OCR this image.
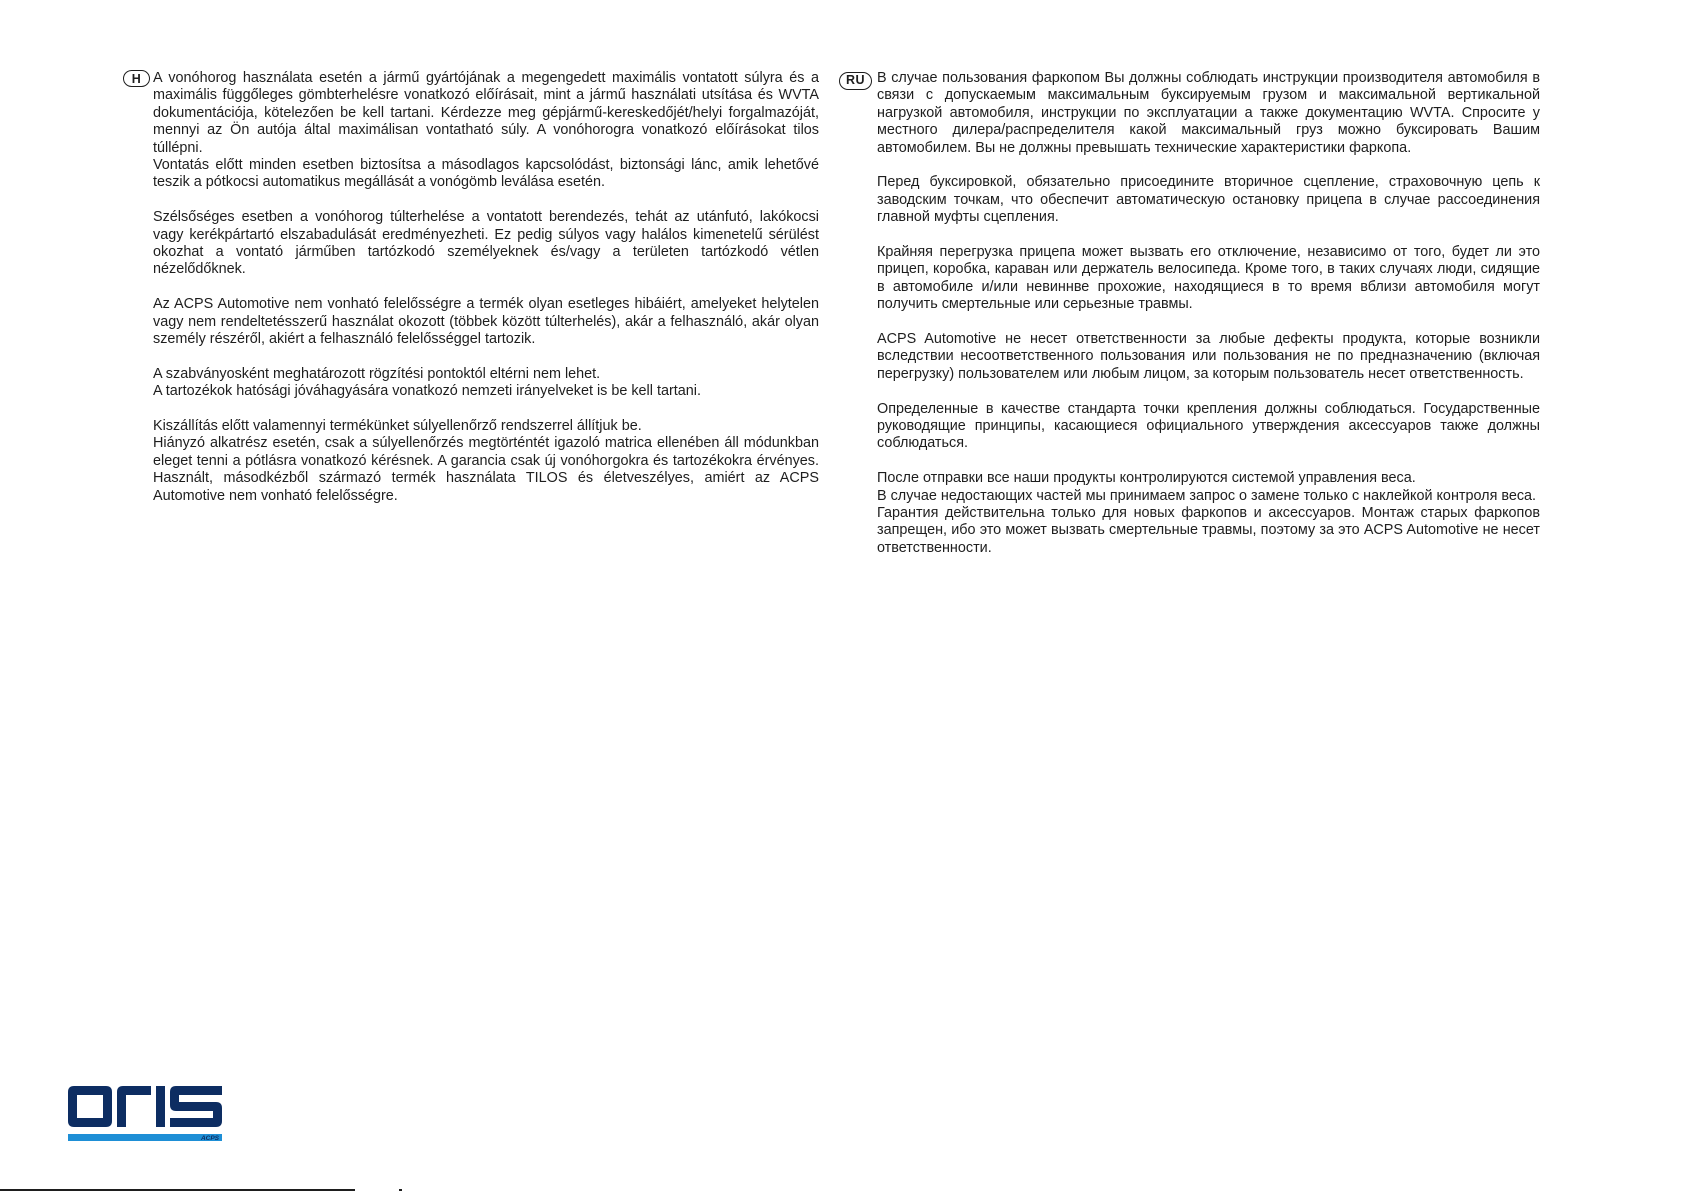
H A vonóhorog használata esetén a jármű gyártójának a megengedett maximális vontatott súlyra és a maximális függőleges gömbterhelésre vonatkozó előírásait, mint a jármű használati utsítása és WVTA dokumentációja, kötelezően be kell tartani. Kérdezze meg gépjármű-kereskedőjét/helyi forgalmazóját, mennyi az Ön autója által maximálisan vontatható súly. A vonóhorogra vonatkozó előírásokat tilos túllépni.
Vontatás előtt minden esetben biztosítsa a másodlagos kapcsolódást, biztonsági lánc, amik lehetővé teszik a pótkocsi automatikus megállását a vonógömb leválása esetén.

Szélsőséges esetben a vonóhorog túlterhelése a vontatott berendezés, tehát az utánfutó, lakókocsi vagy kerékpártartó elszabadulását eredményezheti. Ez pedig súlyos vagy halálos kimenetelű sérülést okozhat a vontató járműben tartózkodó személyeknek és/vagy a területen tartózkodó vétlen nézelődőknek.

Az ACPS Automotive nem vonható felelősségre a termék olyan esetleges hibáiért, amelyeket helytelen vagy nem rendeltetésszerű használat okozott (többek között túlterhelés), akár a felhasználó, akár olyan személy részéről, akiért a felhasználó felelősséggel tartozik.

A szabványosként meghatározott rögzítési pontoktól eltérni nem lehet.
A tartozékok hatósági jóváhagyására vonatkozó nemzeti irányelveket is be kell tartani.

Kiszállítás előtt valamennyi termékünket súlyellenőrző rendszerrel állítjuk be.
Hiányzó alkatrész esetén, csak a súlyellenőrzés megtörténtét igazoló matrica ellenében áll módunkban eleget tenni a pótlásra vonatkozó kérésnek. A garancia csak új vonóhorgokra és tartozékokra érvényes. Használt, másodkézből származó termék használata TILOS és életveszélyes, amiért az ACPS Automotive nem vonható felelősségre.

RU В случае пользования фаркопом Вы должны соблюдать инструкции производителя автомобиля в связи с допускаемым максимальным буксируемым грузом и максимальной вертикальной нагрузкой автомобиля, инструкции по эксплуатации а также документацию WVTA. Спросите у местного дилера/распределителя какой максимальный груз можно буксировать Вашим автомобилем. Вы не должны превышать технические характеристики фаркопа.

Перед буксировкой, обязательно присоедините вторичное сцепление, страховочную цепь к заводским точкам, что обеспечит автоматическую остановку прицепа в случае рассоединения главной муфты сцепления.

Крайняя перегрузка прицепа может вызвать его отключение, независимо от того, будет ли это прицеп, коробка, караван или держатель велосипеда. Кроме того, в таких случаях люди, сидящие в автомобиле и/или невиннве прохожие, находящиеся в то время вблизи автомобиля могут получить смертельные или серьезные травмы.

ACPS Automotive не несет ответственности за любые дефекты продукта, которые возникли вследствии несоответственного пользования или пользования не по предназначению (включая перегрузку) пользователем или любым лицом, за которым пользователь несет ответственность.

Определенные в качестве стандарта точки крепления должны соблюдаться. Государственные руководящие принципы, касающиеся официального утверждения аксессуаров также должны соблюдаться.

После отправки все наши продукты контролируются системой управления веса.
В случае недостающих частей мы принимаем запрос о замене только с наклейкой контроля веса.
Гарантия действительна только для новых фаркопов и аксессуаров. Монтаж старых фаркопов запрещен, ибо это может вызвать смертельные травмы, поэтому за это ACPS Automotive не несет ответственности.

ACPS
